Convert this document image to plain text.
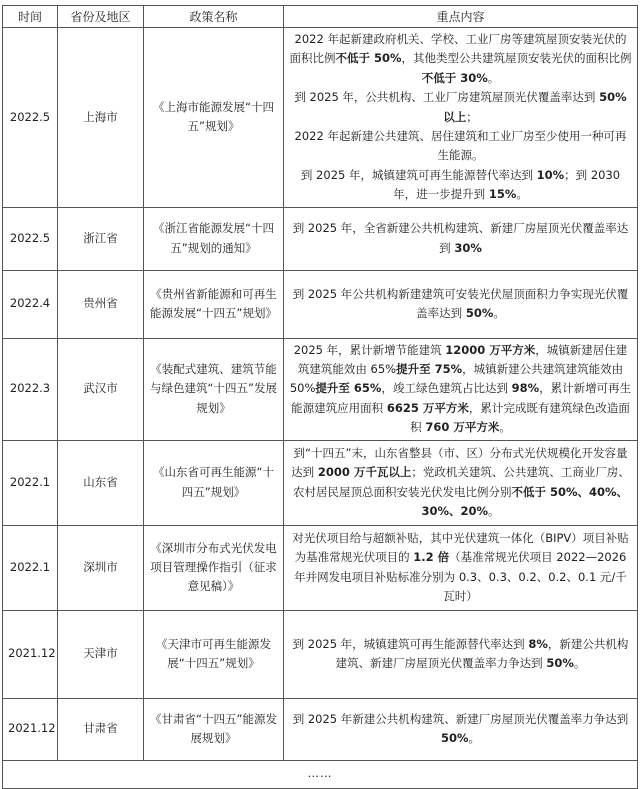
时间	省份及地区	政策名称	重点内容
2022.5	上海市	《上海市能源发展“十四五”规划》	2022 年起新建政府机关、学校、工业厂房等建筑屋顶安装光伏的面积比例不低于 50%，其他类型公共建筑屋顶安装光伏的面积比例不低于 30%。
到 2025 年，公共机构、工业厂房建筑屋顶光伏覆盖率达到 50%以上；
2022 年起新建公共建筑、居住建筑和工业厂房至少使用一种可再生能源。
到 2025 年，城镇建筑可再生能源替代率达到 10%；到 2030 年，进一步提升到 15%。

2022.5	浙江省	《浙江省能源发展“十四五”规划的通知》	到 2025 年，全省新建公共机构建筑、新建厂房屋顶光伏覆盖率达到 30%

2022.4	贵州省	《贵州省新能源和可再生能源发展“十四五”规划》	到 2025 年公共机构新建建筑可安装光伏屋顶面积力争实现光伏覆盖率达到 50%。

2022.3	武汉市	《装配式建筑、建筑节能与绿色建筑“十四五”发展规划》	2025 年，累计新增节能建筑 12000 万平方米，城镇新建居住建筑建筑能效由 65%提升至 75%，城镇新建公共建筑建筑能效由 50%提升至 65%，竣工绿色建筑占比达到 98%，累计新增可再生能源建筑应用面积 6625 万平方米，累计完成既有建筑绿色改造面积 760 万平方米。

2022.1	山东省	《山东省可再生能源“十四五”规划》	到“十四五”末，山东省整县（市、区）分布式光伏规模化开发容量达到 2000 万千瓦以上；党政机关建筑、公共建筑、工商业厂房、农村居民屋顶总面积安装光伏发电比例分别不低于 50%、40%、30%、20%。

2022.1	深圳市	《深圳市分布式光伏发电项目管理操作指引（征求意见稿）》	对光伏项目给与超额补贴，其中光伏建筑一体化（BIPV）项目补贴为基准常规光伏项目的 1.2 倍（基准常规光伏项目 2022—2026 年并网发电项目补贴标准分别为 0.3、0.3、0.2、0.2、0.1 元/千瓦时）

2021.12	天津市	《天津市可再生能源发展“十四五”规划》	到 2025 年，城镇建筑可再生能源替代率达到 8%，新建公共机构建筑、新建厂房屋顶光伏覆盖率力争达到 50%。

2021.12	甘肃省	《甘肃省“十四五”能源发展规划》	到 2025 年新建公共机构建筑、新建厂房屋顶光伏覆盖率力争达到 50%。

……			
